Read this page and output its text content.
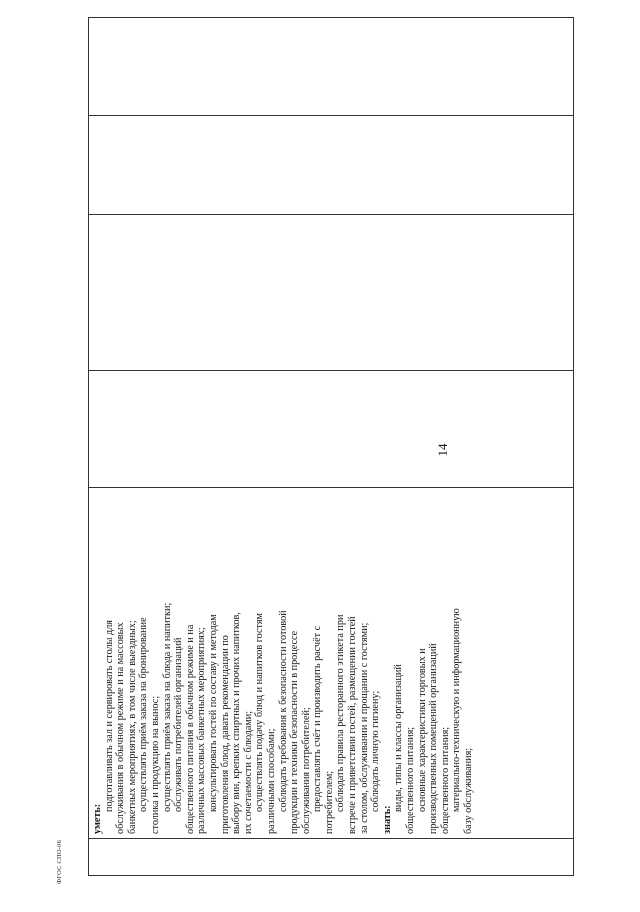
14

уметь:
подготавливать зал и сервировать столы для обслуживания в обычном режиме и на массовых банкетных мероприятиях, в том числе выездных; осуществлять приём заказа на бронирование столика и продукцию на вынос; осуществлять приём заказа на блюда и напитки; обслуживать потребителей организаций общественного питания в обычном режиме и на различных массовых банкетных мероприятиях; консультировать гостей по составу и методам приготовления блюд, давать рекомендации по выбору вин, крепких спиртных и прочих напитков, их сочетаемости с блюдами; осуществлять подачу блюд и напитков гостям различными способами; соблюдать требования к безопасности готовой продукции и техники безопасности в процессе обслуживания потребителей; предоставлять счёт и производить расчёт с потребителем; соблюдать правила ресторанного этикета при встрече и приветствии гостей, размещении гостей за столом, обслуживании и прощании с гостями; соблюдать личную гигиену;
знать:
виды, типы и классы организаций общественного питания; основные характеристики торговых и производственных помещений организаций общественного питания; материально-техническую и информационную базу обслуживания;

ФГОС СПО-06
